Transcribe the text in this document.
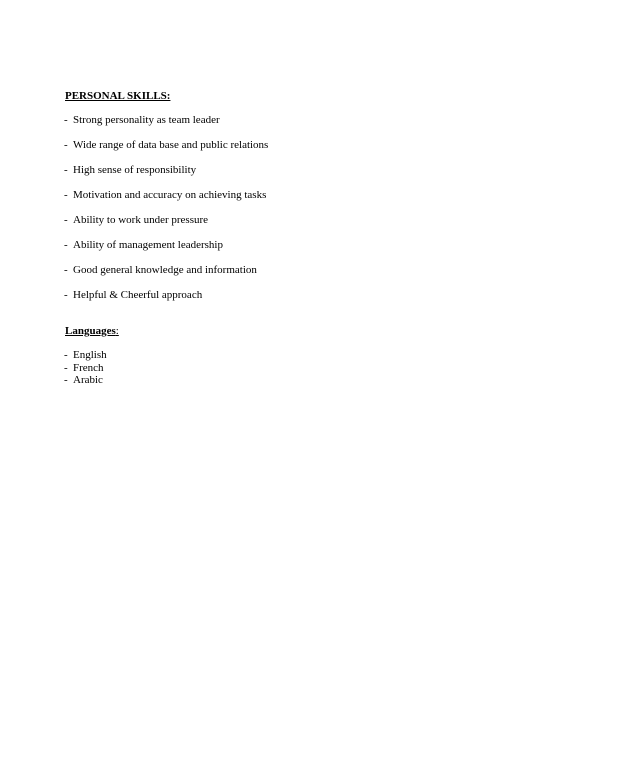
PERSONAL SKILLS:
- Strong personality as team leader
- Wide range of data base and public relations
- High sense of responsibility
- Motivation and accuracy on achieving tasks
- Ability to work under pressure
- Ability of management leadership
- Good general knowledge and information
- Helpful & Cheerful approach
Languages:
- English
- French
- Arabic
